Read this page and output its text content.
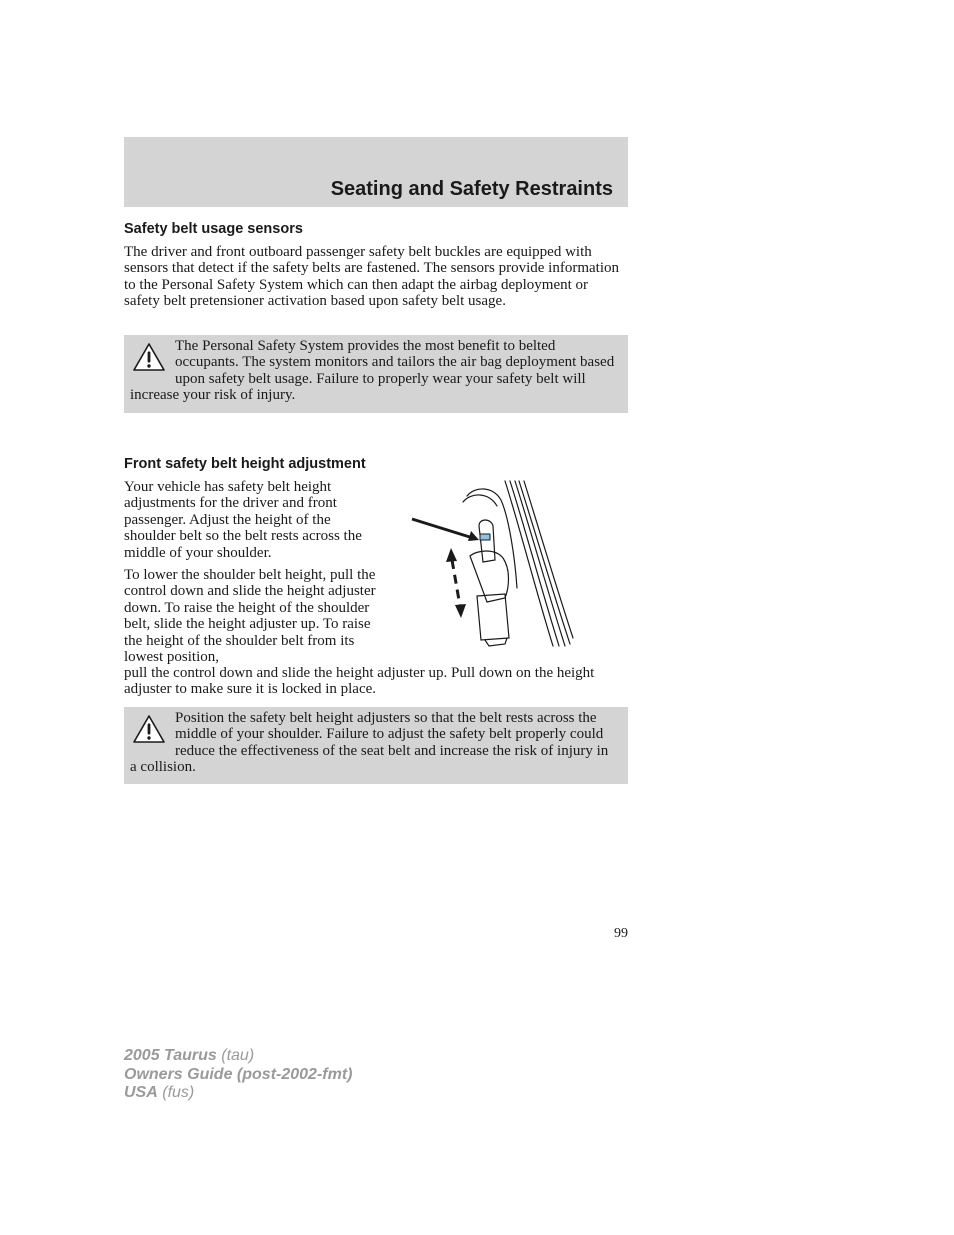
Seating and Safety Restraints
Safety belt usage sensors

The driver and front outboard passenger safety belt buckles are equipped with sensors that detect if the safety belts are fastened. The sensors provide information to the Personal Safety System which can then adapt the airbag deployment or safety belt pretensioner activation based upon safety belt usage.

The Personal Safety System provides the most benefit to belted occupants. The system monitors and tailors the air bag deployment based upon safety belt usage. Failure to properly wear your safety belt will increase your risk of injury.

Front safety belt height adjustment

Your vehicle has safety belt height adjustments for the driver and front passenger. Adjust the height of the shoulder belt so the belt rests across the middle of your shoulder.

To lower the shoulder belt height, pull the control down and slide the height adjuster down. To raise the height of the shoulder belt, slide the height adjuster up. To raise the height of the shoulder belt from its lowest position,

pull the control down and slide the height adjuster up. Pull down on the height adjuster to make sure it is locked in place.

Position the safety belt height adjusters so that the belt rests across the middle of your shoulder. Failure to adjust the safety belt properly could reduce the effectiveness of the seat belt and increase the risk of injury in a collision.

99
2005 Taurus (tau)
Owners Guide (post-2002-fmt)
USA (fus)
